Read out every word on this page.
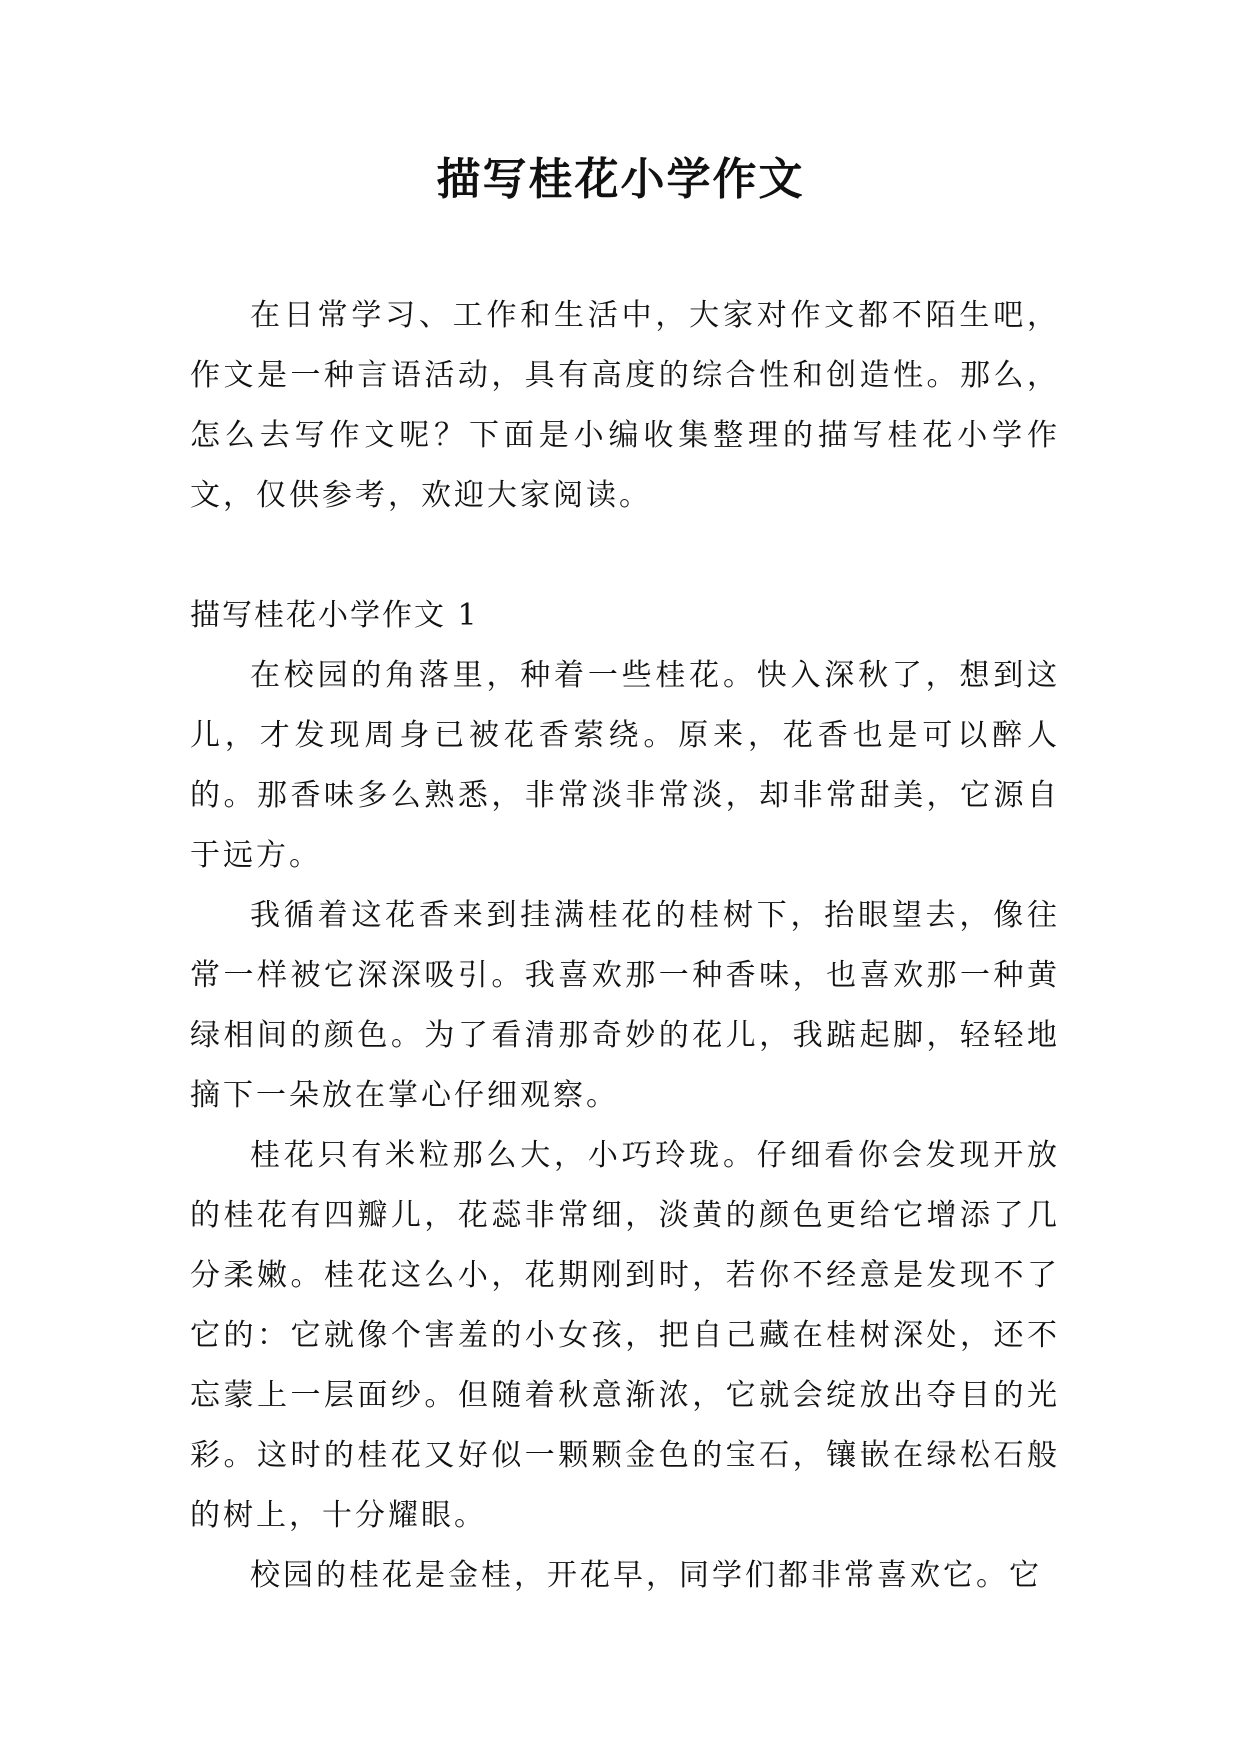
描写桂花小学作文

在日常学习、工作和生活中，大家对作文都不陌生吧，作文是一种言语活动，具有高度的综合性和创造性。那么，怎么去写作文呢？下面是小编收集整理的描写桂花小学作文，仅供参考，欢迎大家阅读。

描写桂花小学作文 1

在校园的角落里，种着一些桂花。快入深秋了，想到这儿，才发现周身已被花香萦绕。原来，花香也是可以醉人的。那香味多么熟悉，非常淡非常淡，却非常甜美，它源自于远方。

我循着这花香来到挂满桂花的桂树下，抬眼望去，像往常一样被它深深吸引。我喜欢那一种香味，也喜欢那一种黄绿相间的颜色。为了看清那奇妙的花儿，我踮起脚，轻轻地摘下一朵放在掌心仔细观察。

桂花只有米粒那么大，小巧玲珑。仔细看你会发现开放的桂花有四瓣儿，花蕊非常细，淡黄的颜色更给它增添了几分柔嫩。桂花这么小，花期刚到时，若你不经意是发现不了它的：它就像个害羞的小女孩，把自己藏在桂树深处，还不忘蒙上一层面纱。但随着秋意渐浓，它就会绽放出夺目的光彩。这时的桂花又好似一颗颗金色的宝石，镶嵌在绿松石般的树上，十分耀眼。

校园的桂花是金桂，开花早，同学们都非常喜欢它。它
